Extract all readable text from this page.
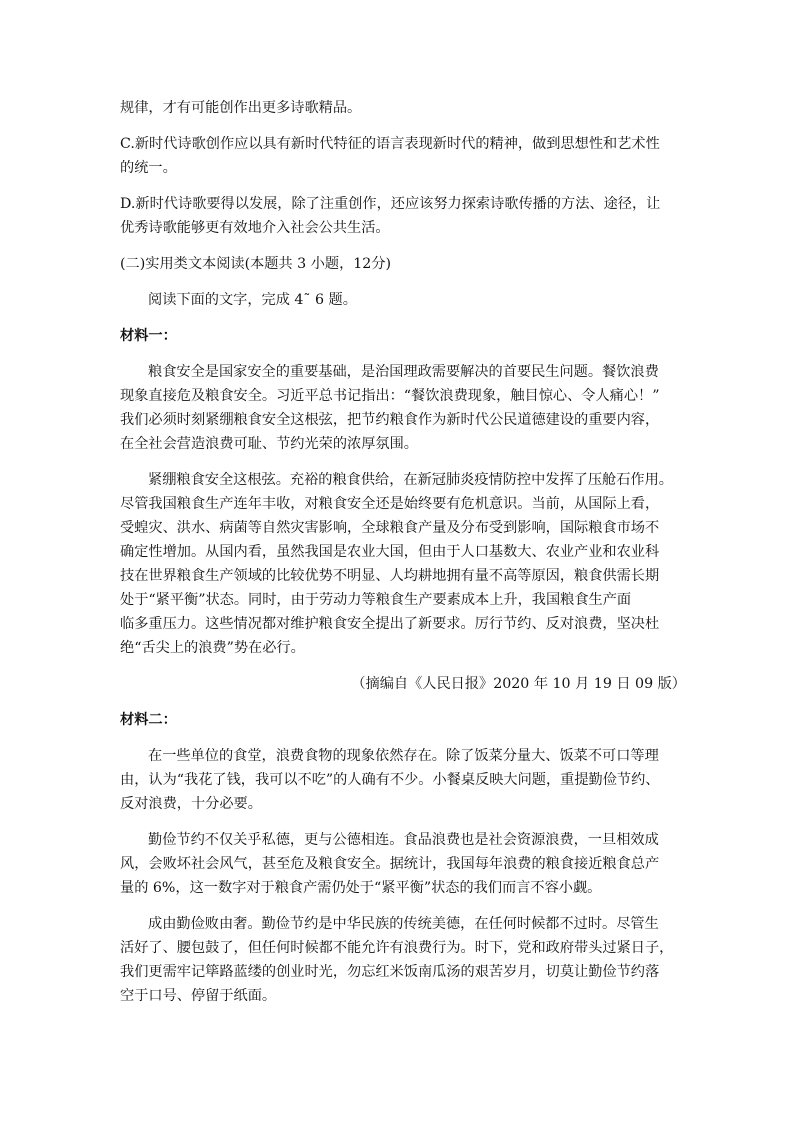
规律，才有可能创作出更多诗歌精品。

C.新时代诗歌创作应以具有新时代特征的语言表现新时代的精神，做到思想性和艺术性
的统一。

D.新时代诗歌要得以发展，除了注重创作，还应该努力探索诗歌传播的方法、途径，让
优秀诗歌能够更有效地介入社会公共生活。

(二)实用类文本阅读(本题共 3 小题，12分)

阅读下面的文字，完成 4˜ 6 题。

材料一：

粮食安全是国家安全的重要基础，是治国理政需要解决的首要民生问题。餐饮浪费
现象直接危及粮食安全。习近平总书记指出：“餐饮浪费现象，触目惊心、令人痛心！”
我们必须时刻紧绷粮食安全这根弦，把节约粮食作为新时代公民道德建设的重要内容，
在全社会营造浪费可耻、节约光荣的浓厚氛围。

紧绷粮食安全这根弦。充裕的粮食供给，在新冠肺炎疫情防控中发挥了压舱石作用。
尽管我国粮食生产连年丰收，对粮食安全还是始终要有危机意识。当前，从国际上看，
受蝗灾、洪水、病菌等自然灾害影响，全球粮食产量及分布受到影响，国际粮食市场不
确定性增加。从国内看，虽然我国是农业大国，但由于人口基数大、农业产业和农业科
技在世界粮食生产领域的比较优势不明显、人均耕地拥有量不高等原因，粮食供需长期
处于“紧平衡”状态。同时，由于劳动力等粮食生产要素成本上升，我国粮食生产面
临多重压力。这些情况都对维护粮食安全提出了新要求。厉行节约、反对浪费，坚决杜
绝“舌尖上的浪费”势在必行。

（摘编自《人民日报》2020 年 10 月 19 日 09 版）

材料二：

在一些单位的食堂，浪费食物的现象依然存在。除了饭菜分量大、饭菜不可口等理
由，认为“我花了钱，我可以不吃”的人确有不少。小餐桌反映大问题，重提勤俭节约、
反对浪费，十分必要。

勤俭节约不仅关乎私德，更与公德相连。食品浪费也是社会资源浪费，一旦相效成
风，会败坏社会风气，甚至危及粮食安全。据统计，我国每年浪费的粮食接近粮食总产
量的 6%，这一数字对于粮食产需仍处于“紧平衡”状态的我们而言不容小觑。

成由勤俭败由奢。勤俭节约是中华民族的传统美德，在任何时候都不过时。尽管生
活好了、腰包鼓了，但任何时候都不能允许有浪费行为。时下，党和政府带头过紧日子，
我们更需牢记筚路蓝缕的创业时光，勿忘红米饭南瓜汤的艰苦岁月，切莫让勤俭节约落
空于口号、停留于纸面。
